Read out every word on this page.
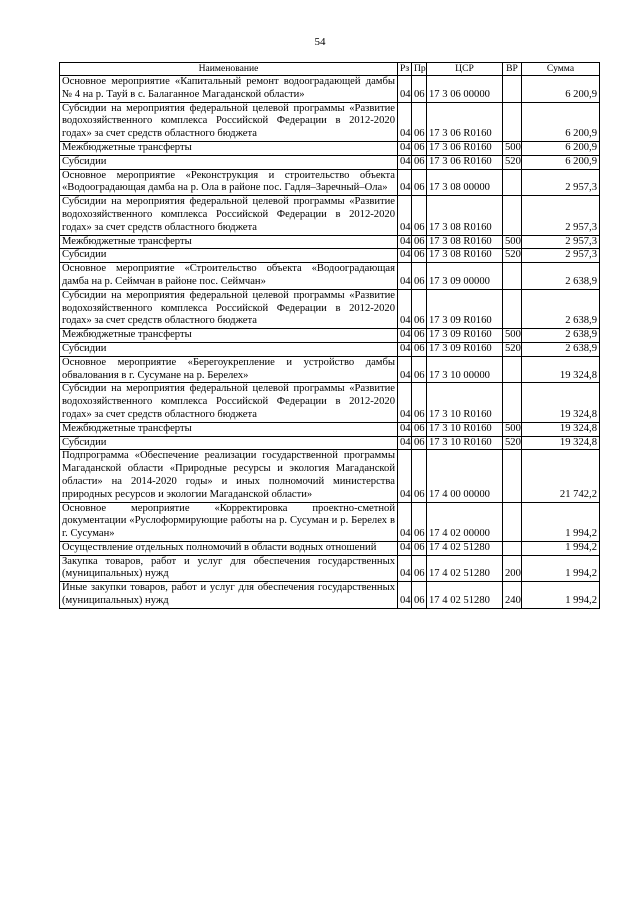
54
Наименование	Рз	Пр	ЦСР	ВР	Сумма
Основное мероприятие «Капитальный ремонт водооградающей дамбы № 4 на р. Тауй в с. Балаганное Магаданской области»	04	06	17 3 06 00000		6 200,9
Субсидии на мероприятия федеральной целевой программы «Развитие водохозяйственного комплекса Российской Федерации в 2012-2020 годах» за счет средств областного бюджета	04	06	17 3 06 R0160		6 200,9
Межбюджетные трансферты	04	06	17 3 06 R0160	500	6 200,9
Субсидии	04	06	17 3 06 R0160	520	6 200,9
Основное мероприятие «Реконструкция и строительство объекта «Водооградающая дамба на р. Ола в районе пос. Гадля–Заречный–Ола»	04	06	17 3 08 00000		2 957,3
Субсидии на мероприятия федеральной целевой программы «Развитие водохозяйственного комплекса Российской Федерации в 2012-2020 годах» за счет средств областного бюджета	04	06	17 3 08 R0160		2 957,3
Межбюджетные трансферты	04	06	17 3 08 R0160	500	2 957,3
Субсидии	04	06	17 3 08 R0160	520	2 957,3
Основное мероприятие «Строительство объекта «Водооградающая дамба на р. Сеймчан в районе пос. Сеймчан»	04	06	17 3 09 00000		2 638,9
Субсидии на мероприятия федеральной целевой программы «Развитие водохозяйственного комплекса Российской Федерации в 2012-2020 годах» за счет средств областного бюджета	04	06	17 3 09 R0160		2 638,9
Межбюджетные трансферты	04	06	17 3 09 R0160	500	2 638,9
Субсидии	04	06	17 3 09 R0160	520	2 638,9
Основное мероприятие «Берегоукрепление и устройство дамбы обвалования в г. Сусумане на р. Берелех»	04	06	17 3 10 00000		19 324,8
Субсидии на мероприятия федеральной целевой программы «Развитие водохозяйственного комплекса Российской Федерации в 2012-2020 годах» за счет средств областного бюджета	04	06	17 3 10 R0160		19 324,8
Межбюджетные трансферты	04	06	17 3 10 R0160	500	19 324,8
Субсидии	04	06	17 3 10 R0160	520	19 324,8
Подпрограмма «Обеспечение реализации государственной программы Магаданской области «Природные ресурсы и экология Магаданской области» на 2014-2020 годы» и иных полномочий министерства природных ресурсов и экологии Магаданской области»	04	06	17 4 00 00000		21 742,2
Основное мероприятие «Корректировка проектно-сметной документации «Руслоформирующие работы на р. Сусуман и р. Берелех в г. Сусуман»	04	06	17 4 02 00000		1 994,2
Осуществление отдельных полномочий в области водных отношений	04	06	17 4 02 51280		1 994,2
Закупка товаров, работ и услуг для обеспечения государственных (муниципальных) нужд	04	06	17 4 02 51280	200	1 994,2
Иные закупки товаров, работ и услуг для обеспечения государственных (муниципальных) нужд	04	06	17 4 02 51280	240	1 994,2
